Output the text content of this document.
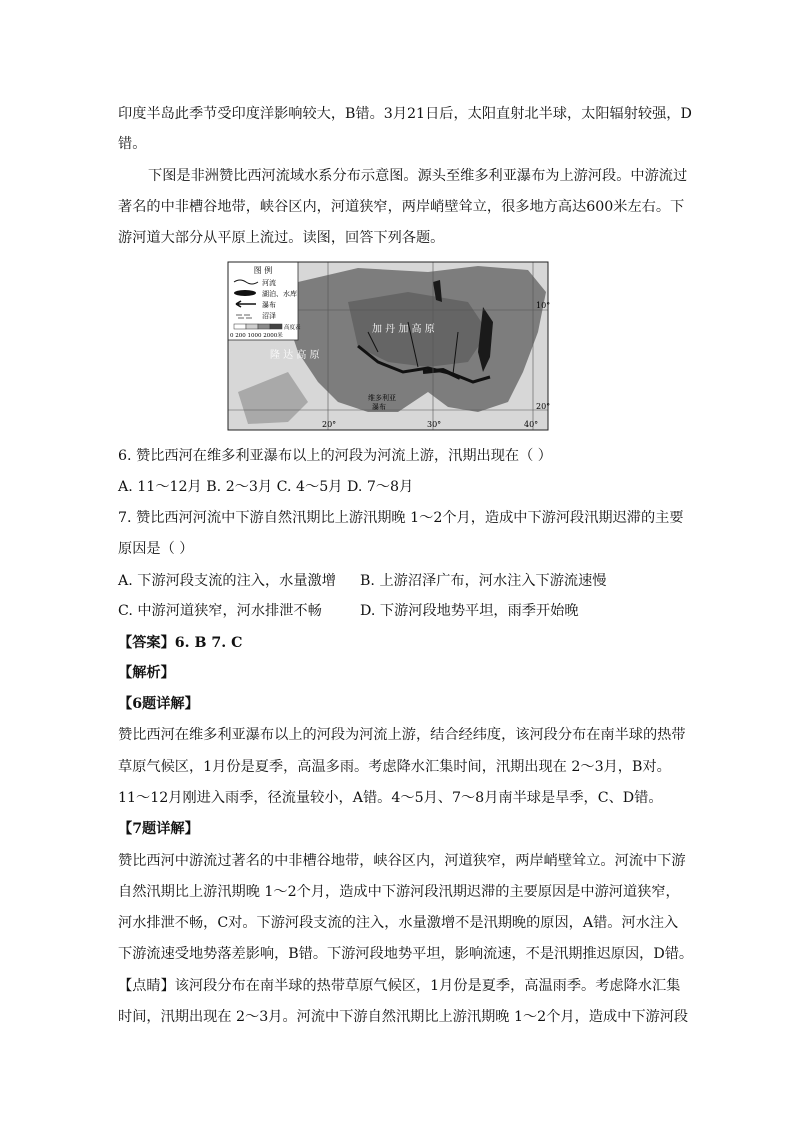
印度半岛此季节受印度洋影响较大，B错。3月21日后，太阳直射北半球，太阳辐射较强，D
错。
下图是非洲赞比西河流域水系分布示意图。源头至维多利亚瀑布为上游河段。中游流过
著名的中非槽谷地带，峡谷区内，河道狭窄，两岸峭壁耸立，很多地方高达600米左右。下
游河道大部分从平原上流过。读图，回答下列各题。
图 例
河流
湖泊、水库
瀑布
沼泽
高度表
0 200 1000 2000米
加 丹 加 高 原
隆 达 高 原
维多利亚
瀑布
10°
20°
20°	30°	40°
6. 赞比西河在维多利亚瀑布以上的河段为河流上游，汛期出现在（ ）
A. 11～12月 B. 2～3月 C. 4～5月 D. 7～8月
7. 赞比西河河流中下游自然汛期比上游汛期晚 1～2个月，造成中下游河段汛期迟滞的主要
原因是（ ）
A. 下游河段支流的注入，水量激增	B. 上游沼泽广布，河水注入下游流速慢
C. 中游河道狭窄，河水排泄不畅	D. 下游河段地势平坦，雨季开始晚
【答案】6. B 7. C
【解析】
【6题详解】
赞比西河在维多利亚瀑布以上的河段为河流上游，结合经纬度，该河段分布在南半球的热带
草原气候区，1月份是夏季，高温多雨。考虑降水汇集时间，汛期出现在 2～3月，B对。
11～12月刚进入雨季，径流量较小，A错。4～5月、7～8月南半球是旱季，C、D错。
【7题详解】
赞比西河中游流过著名的中非槽谷地带，峡谷区内，河道狭窄，两岸峭壁耸立。河流中下游
自然汛期比上游汛期晚 1～2个月，造成中下游河段汛期迟滞的主要原因是中游河道狭窄，
河水排泄不畅，C对。下游河段支流的注入，水量激增不是汛期晚的原因，A错。河水注入
下游流速受地势落差影响，B错。下游河段地势平坦，影响流速，不是汛期推迟原因，D错。
【点睛】该河段分布在南半球的热带草原气候区，1月份是夏季，高温雨季。考虑降水汇集
时间，汛期出现在 2～3月。河流中下游自然汛期比上游汛期晚 1～2个月，造成中下游河段
